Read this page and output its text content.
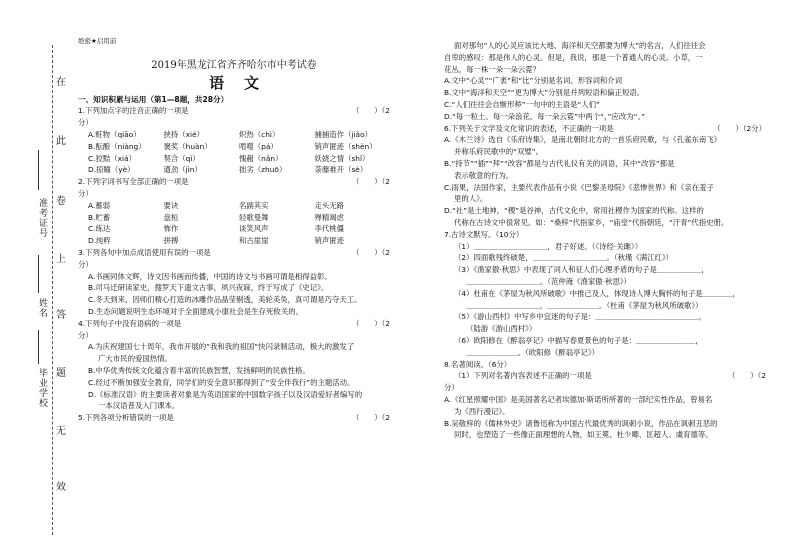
在
此
卷
上
答
题
无
效
准考证号
姓名
毕业学校
绝密★启用前
2019年黑龙江省齐齐哈尔市中考试卷
语文
一、知识积累与运用（第1—8题，共28分）
1.下列加点字的注音正确的一项是	（　　）（2
分）
A.赃物（qiāo）	挟持（xié）	炽热（chì）	捕捕造作（jiǎo）
B.酝酿（niàng）	褒奖（huàn）	啃噬（pá）	销声匿迹（shèn）
C.狡黠（xiá）	契合（qì）	愧赧（nǎn）	妖娆之情（shǐ）
D.掠瞳（yè）	遒劲（jìn）	拙劣（zhuō）	荼蘼难开（sè）
2.下列字词书写全部正确的一项是	（　　）（2
分）
A.蓄弱	要诀	名副其实	走头无路
B.贮蓄	盘桓	轻歌曼舞	殚精竭虑
C.练达	怖作	谈笑风声	李代桃僵
D.纯粹	拼搏	和古崖崖	销声匿迹
3.下列各句中加点成语使用有误的一项是	（　　）（2
分）
A.书画同体文辉，诗文因书画而传播，中国的诗文与书画可谓是相得益彰。
B.司马迁研读家史，搜罗天下遗文古事，夙兴夜寐，终于写成了《史记》。
C.冬天到来，因师们精心打造的冰雕作品晶莹剔透，美轮美奂，真可谓是巧夺天工。
D.生态问题说明生态环境对于全面建成小康社会是生存死攸关的。
4.下列句子中没有语病的一项是	（　　）（2
分）
A.为庆祝建国七十周年，我市开展的“我和我的祖国”快闪录制活动，极大的激发了
广大市民的爱国热情。
B.中华优秀传统文化蕴含着丰富的民族智慧，发扬鲜明的民族性格。
C.经过不断加强安全教育，同学们的安全意识都得到了“安全伴我行”的主题活动。
D.《标准汉语》的主要读者对象是为英语国家的中国数字孩子以及汉语爱好者编写的
一本汉语普及入门课本。
5.下列各项分析错误的一项是	（　　）（2
面对那句“人的心灵应该比大地、海洋和天空都要为博大”的名言，人们往往会
自卑的感叹：那是伟人的心灵。但是，我说，那是一个普通人的心灵。小草，一
花丛，每一株一朵一朵云霓？
A.文中“心灵”“广袤”和“比”分别是名词、形容词和介词
B.文中“海洋和天空”“更为博大”分别是并列短语和偏正短语。
C.“人们往往会自惭形秽”一句中的主语是“人们”
D.“每一粒土、每一朵浪花、每一朵云霓”中两个“，”应改为“、”
6.下列关于文学及文化常识的表述，不正确的一项是	（　　）（2分）
A.《木兰诗》选自《乐府诗集》，是南北朝时北方的一首乐府民歌，与《孔雀东南飞》
并称乐府民歌中的“双璧”。
B.“持节”“插”“拜”“改容”都是与古代礼仪有关的词语，其中“改容”都是
表示敬意的行为。
C.雨果，法国作家，主要代表作品有小说《巴黎圣母院》《悲惨世界》和《亲在羞子
里的人》。
D.“社”是土地神，“稷”是谷神，古代文化中，常用社稷作为国家的代称。这样的
代称在古诗文中很常见。如：“桑梓”代指家乡，“庙堂”代指朝廷，“汗青”代指史册。
7.古诗文默写。（10分）
（1）＿＿＿＿＿＿＿＿＿＿，君子好逑。（《诗经·关雎》）
（2）四面歌残终破楚，＿＿＿＿＿＿＿＿＿＿。（秋瑾《满江红》）
（3）《渔家傲·秋思》中表现了词人和征人们心理矛盾的句子是＿＿＿＿＿＿，
＿＿＿＿＿＿＿＿＿＿。（范仲淹《渔家傲·秋思》）
（4）杜甫在《茅屋为秋风所破歌》中推己及人，体现诗人博大胸怀的句子是＿＿＿＿，
＿＿＿＿＿＿＿＿＿＿，＿＿＿＿＿＿＿。（杜甫《茅屋为秋风所破歌》）
（5）《游山西村》中写乡中宜迷的句子是：＿＿＿＿＿＿＿＿＿＿＿＿＿＿，
（陆游《游山西村》）
（6）欧阳修在《醉翁亭记》中描写春夏景色的句子是：＿＿＿＿＿＿＿＿，
＿＿＿＿＿＿＿。（欧阳修《醉翁亭记》）
8.名著阅读。（6分）
（1）下列对名著内容表述不正确的一项是	（　　）（2
分）
A.《红星照耀中国》是美国著名记者埃德加·斯诺所所著的一部纪实性作品，曾易名
为《西行漫记》。
B.吴敬梓的《儒林外史》诸鲁迅称为中国古代最优秀的讽刺小说，作品在讽刺丑恶的
同时，也塑造了一些像正面理想的人物，如王冕、杜少卿、匡超人、虞育德等。
